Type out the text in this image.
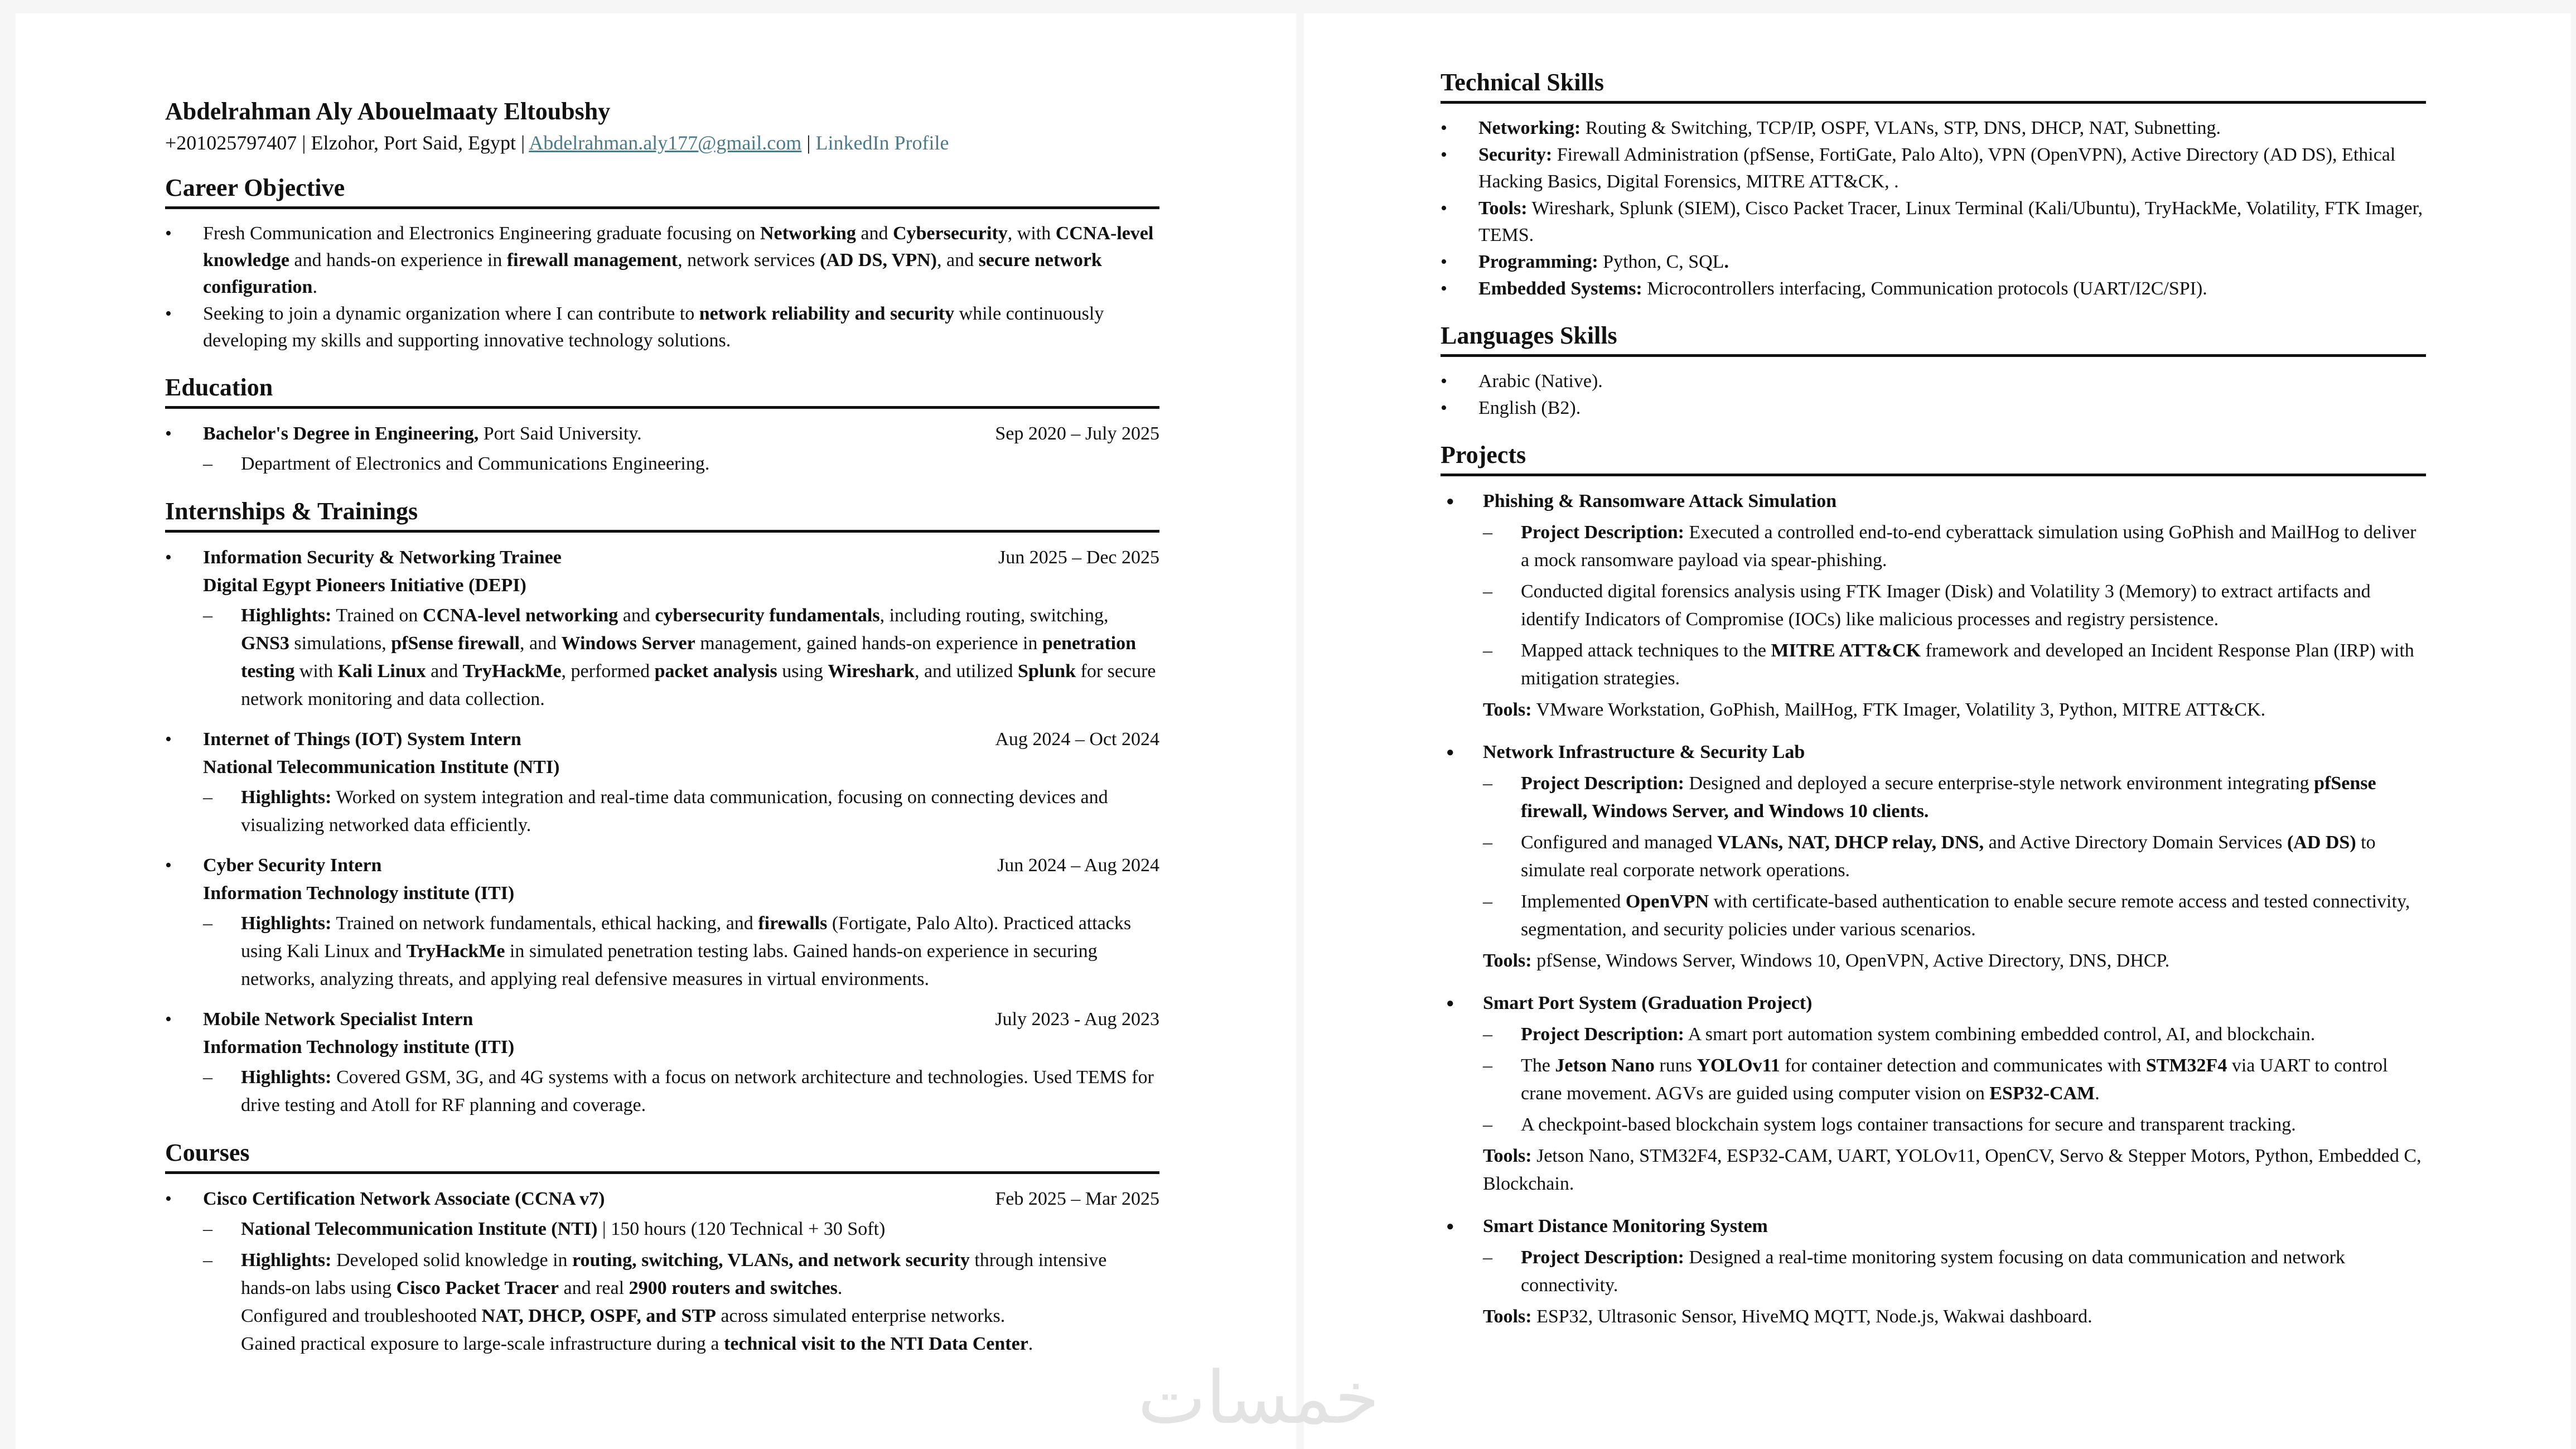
Abdelrahman Aly Abouelmaaty Eltoubshy

+201025797407 | Elzohor, Port Said, Egypt | Abdelrahman.aly177@gmail.com | LinkedIn Profile

Career Objective
• Fresh Communication and Electronics Engineering graduate focusing on Networking and Cybersecurity, with CCNA-level knowledge and hands-on experience in firewall management, network services (AD DS, VPN), and secure network configuration.
• Seeking to join a dynamic organization where I can contribute to network reliability and security while continuously developing my skills and supporting innovative technology solutions.
Education
• Bachelor's Degree in Engineering, Port Said University.	Sep 2020 – July 2025
– Department of Electronics and Communications Engineering.
Internships & Trainings
• Information Security & Networking Trainee	Jun 2025 – Dec 2025
Digital Egypt Pioneers Initiative (DEPI)
– Highlights: Trained on CCNA-level networking and cybersecurity fundamentals, including routing, switching, GNS3 simulations, pfSense firewall, and Windows Server management, gained hands-on experience in penetration testing with Kali Linux and TryHackMe, performed packet analysis using Wireshark, and utilized Splunk for secure network monitoring and data collection.
• Internet of Things (IOT) System Intern	Aug 2024 – Oct 2024
National Telecommunication Institute (NTI)
– Highlights: Worked on system integration and real-time data communication, focusing on connecting devices and visualizing networked data efficiently.
• Cyber Security Intern	Jun 2024 – Aug 2024
Information Technology institute (ITI)
– Highlights: Trained on network fundamentals, ethical hacking, and firewalls (Fortigate, Palo Alto). Practiced attacks using Kali Linux and TryHackMe in simulated penetration testing labs. Gained hands-on experience in securing networks, analyzing threats, and applying real defensive measures in virtual environments.
• Mobile Network Specialist Intern	July 2023 - Aug 2023
Information Technology institute (ITI)
– Highlights: Covered GSM, 3G, and 4G systems with a focus on network architecture and technologies. Used TEMS for drive testing and Atoll for RF planning and coverage.
Courses
• Cisco Certification Network Associate (CCNA v7)	Feb 2025 – Mar 2025
– National Telecommunication Institute (NTI) | 150 hours (120 Technical + 30 Soft)
– Highlights: Developed solid knowledge in routing, switching, VLANs, and network security through intensive hands-on labs using Cisco Packet Tracer and real 2900 routers and switches.
Configured and troubleshooted NAT, DHCP, OSPF, and STP across simulated enterprise networks.
Gained practical exposure to large-scale infrastructure during a technical visit to the NTI Data Center.
Technical Skills
• Networking: Routing & Switching, TCP/IP, OSPF, VLANs, STP, DNS, DHCP, NAT, Subnetting.
• Security: Firewall Administration (pfSense, FortiGate, Palo Alto), VPN (OpenVPN), Active Directory (AD DS), Ethical Hacking Basics, Digital Forensics, MITRE ATT&CK, .
• Tools: Wireshark, Splunk (SIEM), Cisco Packet Tracer, Linux Terminal (Kali/Ubuntu), TryHackMe, Volatility, FTK Imager, TEMS.
• Programming: Python, C, SQL.
• Embedded Systems: Microcontrollers interfacing, Communication protocols (UART/I2C/SPI).
Languages Skills
• Arabic (Native).
• English (B2).
Projects
● Phishing & Ransomware Attack Simulation
– Project Description: Executed a controlled end-to-end cyberattack simulation using GoPhish and MailHog to deliver a mock ransomware payload via spear-phishing.
– Conducted digital forensics analysis using FTK Imager (Disk) and Volatility 3 (Memory) to extract artifacts and identify Indicators of Compromise (IOCs) like malicious processes and registry persistence.
– Mapped attack techniques to the MITRE ATT&CK framework and developed an Incident Response Plan (IRP) with mitigation strategies.
Tools: VMware Workstation, GoPhish, MailHog, FTK Imager, Volatility 3, Python, MITRE ATT&CK.
● Network Infrastructure & Security Lab
– Project Description: Designed and deployed a secure enterprise-style network environment integrating pfSense firewall, Windows Server, and Windows 10 clients.
– Configured and managed VLANs, NAT, DHCP relay, DNS, and Active Directory Domain Services (AD DS) to simulate real corporate network operations.
– Implemented OpenVPN with certificate-based authentication to enable secure remote access and tested connectivity, segmentation, and security policies under various scenarios.
Tools: pfSense, Windows Server, Windows 10, OpenVPN, Active Directory, DNS, DHCP.
● Smart Port System (Graduation Project)
– Project Description: A smart port automation system combining embedded control, AI, and blockchain.
– The Jetson Nano runs YOLOv11 for container detection and communicates with STM32F4 via UART to control crane movement. AGVs are guided using computer vision on ESP32-CAM.
– A checkpoint-based blockchain system logs container transactions for secure and transparent tracking.
Tools: Jetson Nano, STM32F4, ESP32-CAM, UART, YOLOv11, OpenCV, Servo & Stepper Motors, Python, Embedded C, Blockchain.
● Smart Distance Monitoring System
– Project Description: Designed a real-time monitoring system focusing on data communication and network connectivity.
Tools: ESP32, Ultrasonic Sensor, HiveMQ MQTT, Node.js, Wakwai dashboard.
خمسات
